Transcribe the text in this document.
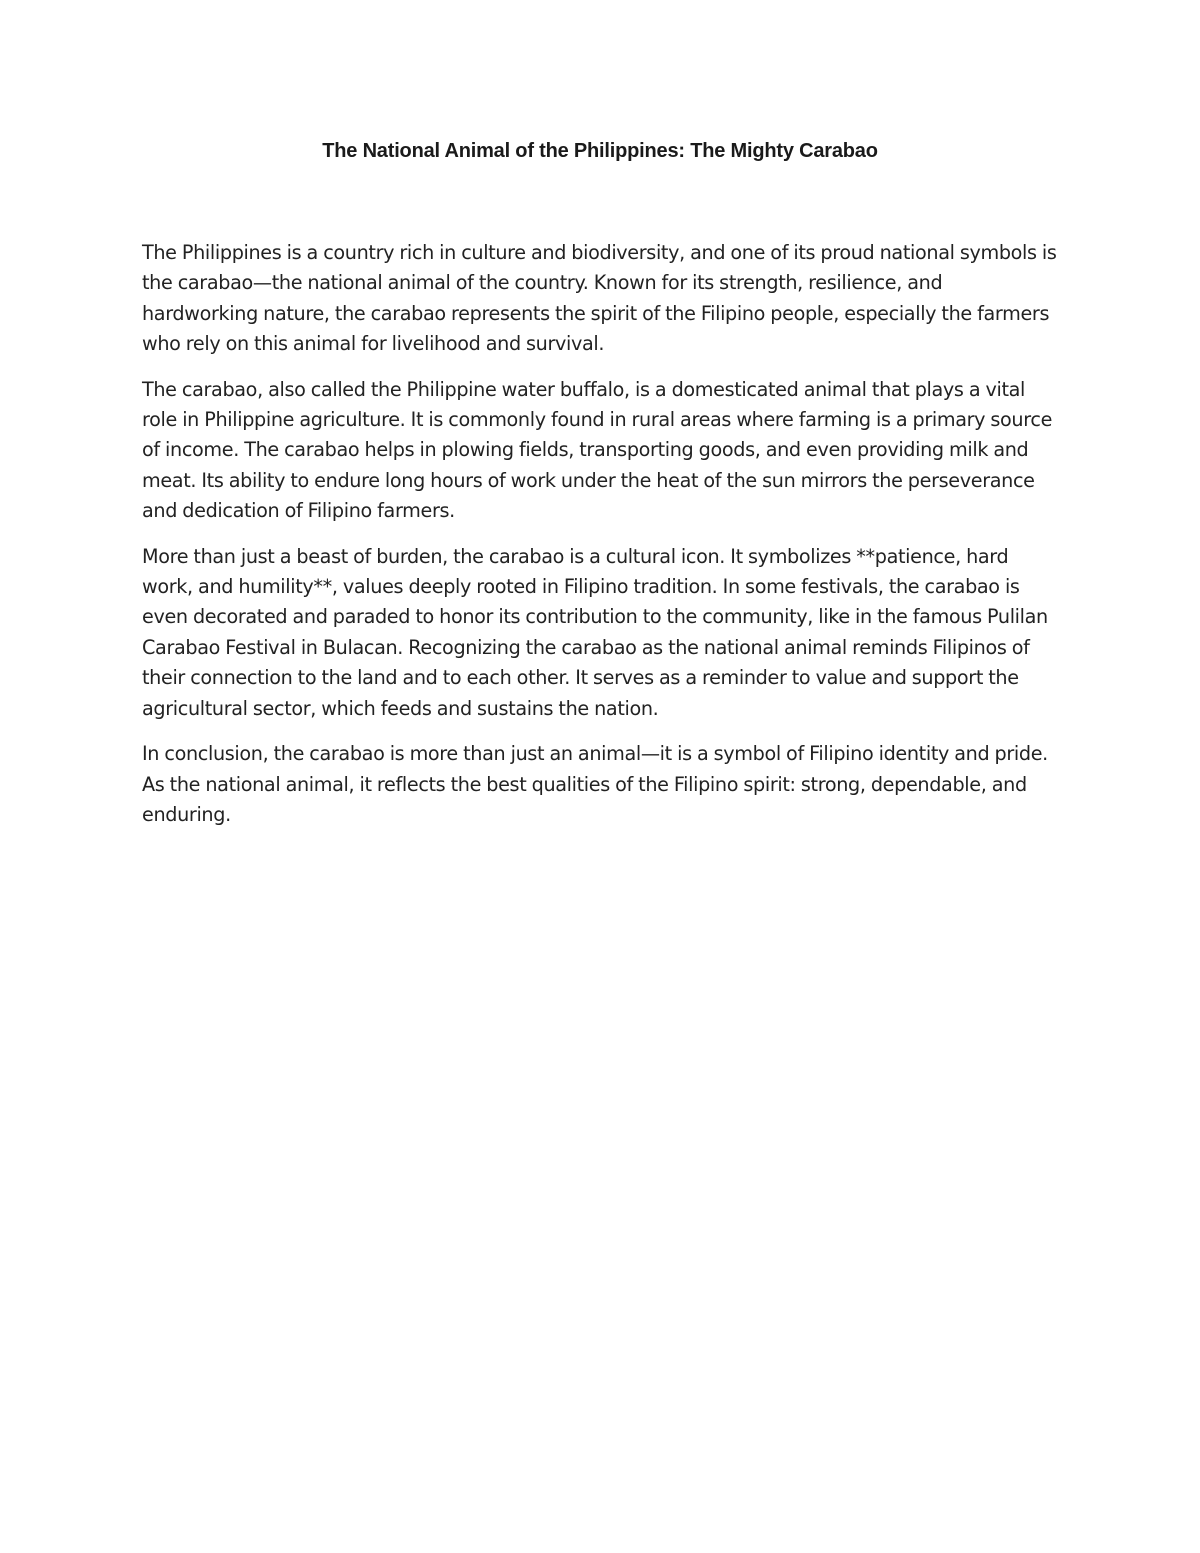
The National Animal of the Philippines: The Mighty Carabao

The Philippines is a country rich in culture and biodiversity, and one of its proud national symbols is the carabao—the national animal of the country. Known for its strength, resilience, and hardworking nature, the carabao represents the spirit of the Filipino people, especially the farmers who rely on this animal for livelihood and survival.

The carabao, also called the Philippine water buffalo, is a domesticated animal that plays a vital role in Philippine agriculture. It is commonly found in rural areas where farming is a primary source of income. The carabao helps in plowing fields, transporting goods, and even providing milk and meat. Its ability to endure long hours of work under the heat of the sun mirrors the perseverance and dedication of Filipino farmers.

More than just a beast of burden, the carabao is a cultural icon. It symbolizes **patience, hard work, and humility**, values deeply rooted in Filipino tradition. In some festivals, the carabao is even decorated and paraded to honor its contribution to the community, like in the famous Pulilan Carabao Festival in Bulacan. Recognizing the carabao as the national animal reminds Filipinos of their connection to the land and to each other. It serves as a reminder to value and support the agricultural sector, which feeds and sustains the nation.

In conclusion, the carabao is more than just an animal—it is a symbol of Filipino identity and pride. As the national animal, it reflects the best qualities of the Filipino spirit: strong, dependable, and enduring.
